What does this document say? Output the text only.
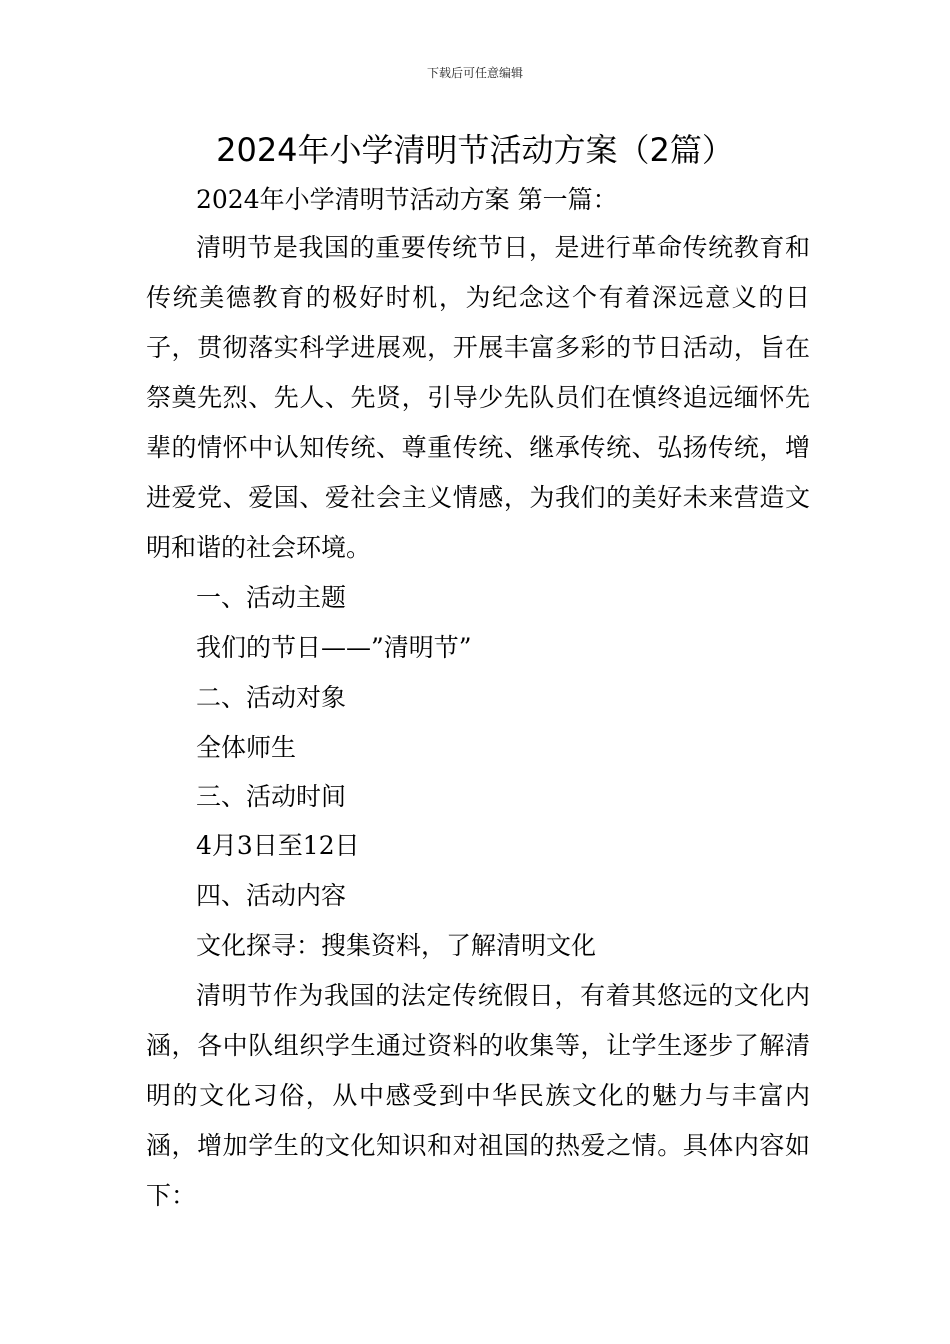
下载后可任意编辑
2024年小学清明节活动方案（2篇）
2024年小学清明节活动方案 第一篇：
清明节是我国的重要传统节日，是进行革命传统教育和传统美德教育的极好时机，为纪念这个有着深远意义的日子，贯彻落实科学进展观，开展丰富多彩的节日活动，旨在祭奠先烈、先人、先贤，引导少先队员们在慎终追远缅怀先辈的情怀中认知传统、尊重传统、继承传统、弘扬传统，增进爱党、爱国、爱社会主义情感，为我们的美好未来营造文明和谐的社会环境。
一、活动主题
我们的节日——”清明节”
二、活动对象
全体师生
三、活动时间
4月3日至12日
四、活动内容
文化探寻：搜集资料，了解清明文化
清明节作为我国的法定传统假日，有着其悠远的文化内涵，各中队组织学生通过资料的收集等，让学生逐步了解清明的文化习俗，从中感受到中华民族文化的魅力与丰富内涵，增加学生的文化知识和对祖国的热爱之情。具体内容如下：
